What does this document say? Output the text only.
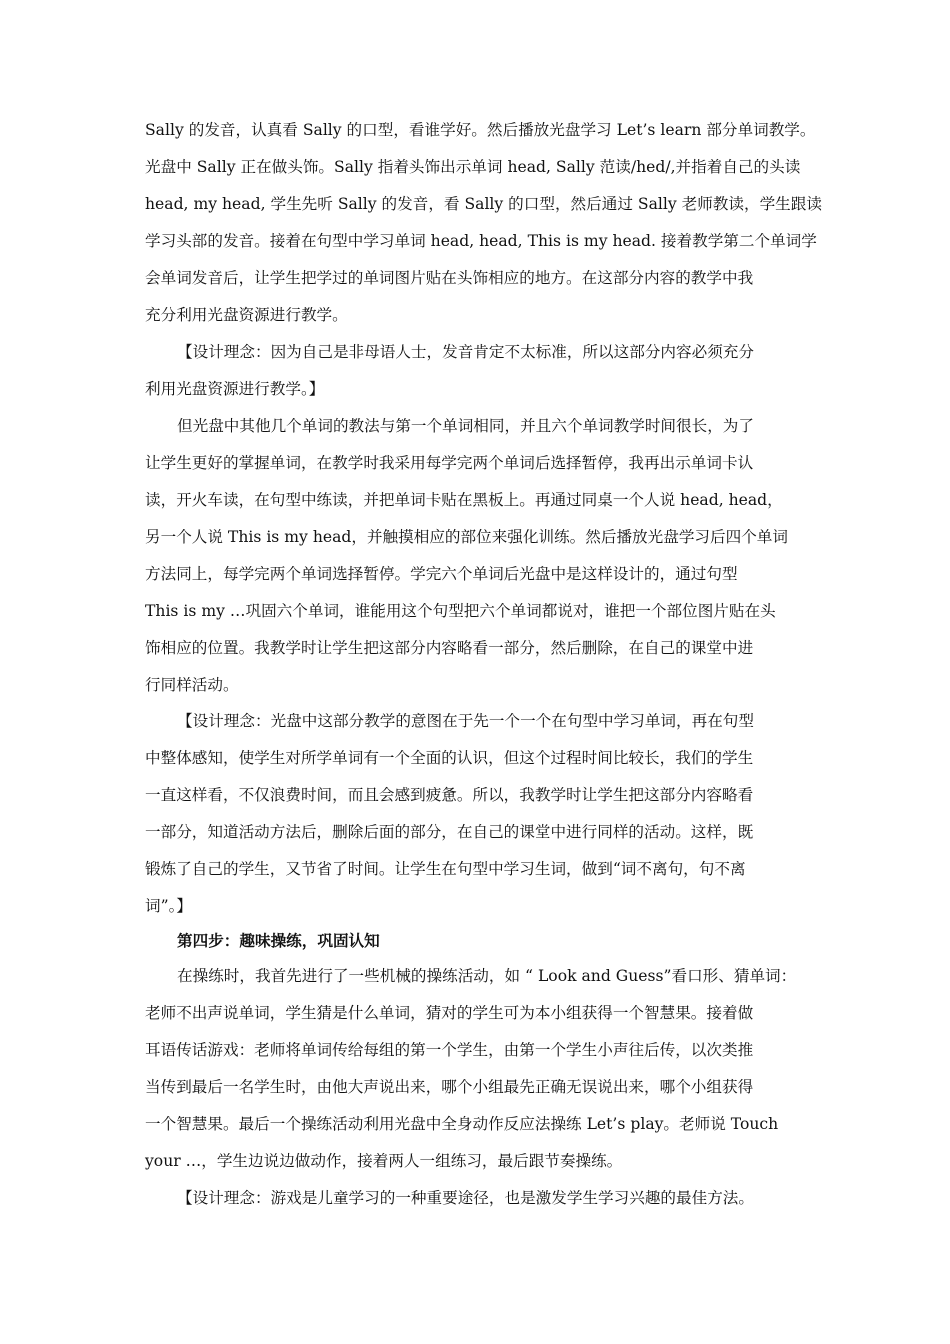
Sally 的发音，认真看 Sally 的口型，看谁学好。然后播放光盘学习 Let’s learn 部分单词教学。
光盘中 Sally 正在做头饰。Sally 指着头饰出示单词 head, Sally 范读/hed/,并指着自己的头读
head, my head, 学生先听 Sally 的发音，看 Sally 的口型，然后通过 Sally 老师教读，学生跟读
学习头部的发音。接着在句型中学习单词 head, head, This is my head. 接着教学第二个单词学
会单词发音后，让学生把学过的单词图片贴在头饰相应的地方。在这部分内容的教学中我
充分利用光盘资源进行教学。
【设计理念：因为自己是非母语人士，发音肯定不太标准，所以这部分内容必须充分
利用光盘资源进行教学。】
但光盘中其他几个单词的教法与第一个单词相同，并且六个单词教学时间很长，为了
让学生更好的掌握单词，在教学时我采用每学完两个单词后选择暂停，我再出示单词卡认
读，开火车读，在句型中练读，并把单词卡贴在黑板上。再通过同桌一个人说 head, head，
另一个人说 This is my head，并触摸相应的部位来强化训练。然后播放光盘学习后四个单词
方法同上，每学完两个单词选择暂停。学完六个单词后光盘中是这样设计的，通过句型
This is my …巩固六个单词，谁能用这个句型把六个单词都说对，谁把一个部位图片贴在头
饰相应的位置。我教学时让学生把这部分内容略看一部分，然后删除，在自己的课堂中进
行同样活动。
【设计理念：光盘中这部分教学的意图在于先一个一个在句型中学习单词，再在句型
中整体感知，使学生对所学单词有一个全面的认识，但这个过程时间比较长，我们的学生
一直这样看，不仅浪费时间，而且会感到疲惫。所以，我教学时让学生把这部分内容略看
一部分，知道活动方法后，删除后面的部分，在自己的课堂中进行同样的活动。这样，既
锻炼了自己的学生，又节省了时间。让学生在句型中学习生词，做到“词不离句，句不离
词”。】
第四步：趣味操练，巩固认知
在操练时，我首先进行了一些机械的操练活动，如 “ Look and Guess”看口形、猜单词：
老师不出声说单词，学生猜是什么单词，猜对的学生可为本小组获得一个智慧果。接着做
耳语传话游戏：老师将单词传给每组的第一个学生，由第一个学生小声往后传，以次类推
当传到最后一名学生时，由他大声说出来，哪个小组最先正确无误说出来，哪个小组获得
一个智慧果。最后一个操练活动利用光盘中全身动作反应法操练 Let’s play。老师说 Touch
your …，学生边说边做动作，接着两人一组练习，最后跟节奏操练。
【设计理念：游戏是儿童学习的一种重要途径，也是激发学生学习兴趣的最佳方法。
